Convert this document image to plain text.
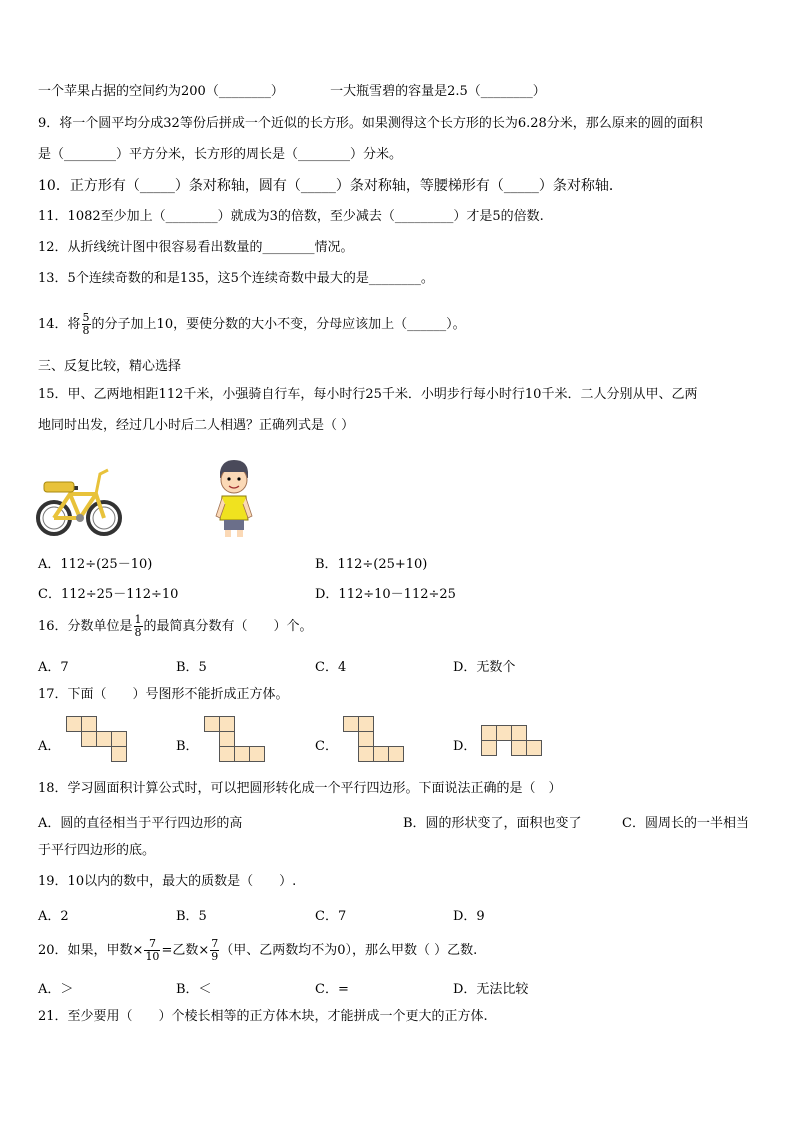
一个苹果占据的空间约为200（________）	一大瓶雪碧的容量是2.5（________）
9．将一个圆平均分成32等份后拼成一个近似的长方形。如果测得这个长方形的长为6.28分米，那么原来的圆的面积
是（________）平方分米，长方形的周长是（________）分米。
10．正方形有（_____）条对称轴，圆有（_____）条对称轴，等腰梯形有（_____）条对称轴．
11．1082至少加上（________）就成为3的倍数，至少减去（_________）才是5的倍数.
12．从折线统计图中很容易看出数量的________情况。
13．5个连续奇数的和是135，这5个连续奇数中最大的是________。
14．将 $\frac{5}{8}$ 的分子加上10，要使分数的大小不变，分母应该加上（______）。
三、反复比较，精心选择
15．甲、乙两地相距112千米，小强骑自行车，每小时行25千米．小明步行每小时行10千米．二人分别从甲、乙两
地同时出发，经过几小时后二人相遇？正确列式是（ ）
A．112÷(25－10)	B．112÷(25+10)
C．112÷25－112÷10	D．112÷10－112÷25
16．分数单位是 $\frac{1}{8}$ 的最简真分数有（　　）个。
A．7	B．5	C．4	D．无数个
17．下面（　　）号图形不能折成正方体。
A．	B．	C．	D．
18．学习圆面积计算公式时，可以把圆形转化成一个平行四边形。下面说法正确的是（　）
A．圆的直径相当于平行四边形的高	B．圆的形状变了，面积也变了	C．圆周长的一半相当
于平行四边形的底。
19．10以内的数中，最大的质数是（　　）.
A．2	B．5	C．7	D．9
20．如果，甲数× $\frac{7}{10}$ =乙数× $\frac{7}{9}$ （甲、乙两数均不为0），那么甲数（ ）乙数.
A．＞	B．＜	C．=	D．无法比较
21．至少要用（　　）个棱长相等的正方体木块，才能拼成一个更大的正方体.
